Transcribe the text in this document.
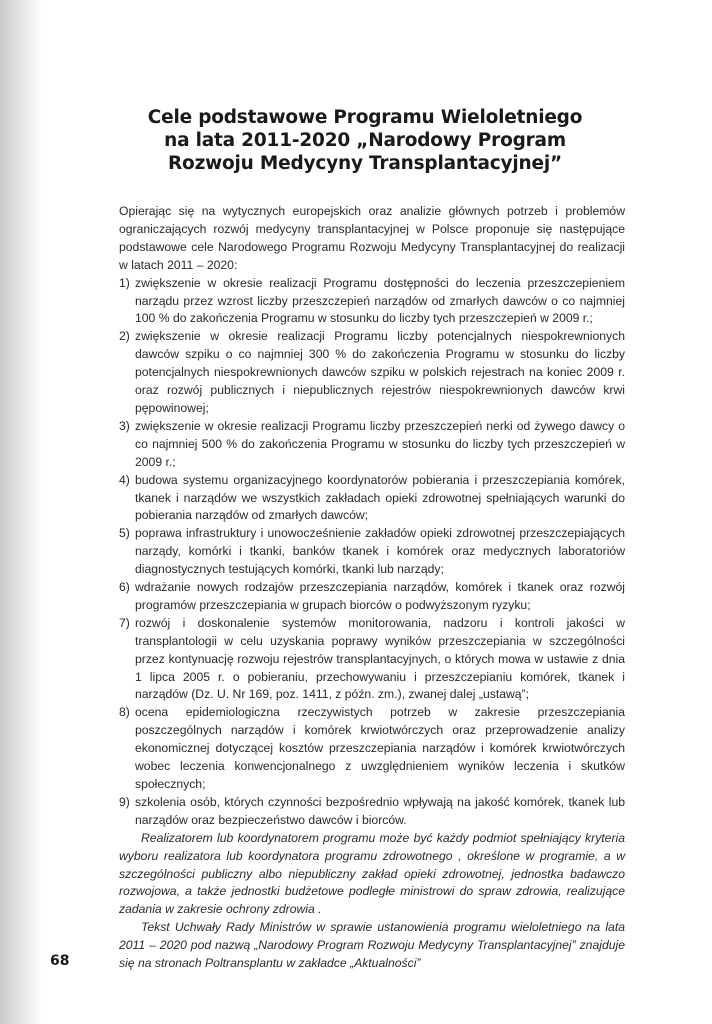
Cele podstawowe Programu Wieloletniego
na lata 2011-2020 „Narodowy Program
Rozwoju Medycyny Transplantacyjnej”

Opierając się na wytycznych europejskich oraz analizie głównych potrzeb i problemów ograniczających rozwój medycyny transplantacyjnej w Polsce proponuje się następujące podstawowe cele Narodowego Programu Rozwoju Medycyny Transplantacyjnej do realizacji w latach 2011 – 2020:

1) zwiększenie w okresie realizacji Programu dostępności do leczenia przeszczepieniem narządu przez wzrost liczby przeszczepień narządów od zmarłych dawców o co najmniej 100 % do zakończenia Programu w stosunku do liczby tych przeszczepień w 2009 r.;
2) zwiększenie w okresie realizacji Programu liczby potencjalnych niespokrewnionych dawców szpiku o co najmniej 300 % do zakończenia Programu w stosunku do liczby potencjalnych niespokrewnionych dawców szpiku w polskich rejestrach na koniec 2009 r. oraz rozwój publicznych i niepublicznych rejestrów niespokrewnionych dawców krwi pępowinowej;
3) zwiększenie w okresie realizacji Programu liczby przeszczepień nerki od żywego dawcy o co najmniej 500 % do zakończenia Programu w stosunku do liczby tych przeszczepień w 2009 r.;
4) budowa systemu organizacyjnego koordynatorów pobierania i przeszczepiania komórek, tkanek i narządów we wszystkich zakładach opieki zdrowotnej spełniających warunki do pobierania narządów od zmarłych dawców;
5) poprawa infrastruktury i unowocześnienie zakładów opieki zdrowotnej przeszczepiających narządy, komórki i tkanki, banków tkanek i komórek oraz medycznych laboratoriów diagnostycznych testujących komórki, tkanki lub narządy;
6) wdrażanie nowych rodzajów przeszczepiania narządów, komórek i tkanek oraz rozwój programów przeszczepiania w grupach biorców o podwyższonym ryzyku;
7) rozwój i doskonalenie systemów monitorowania, nadzoru i kontroli jakości w transplantologii w celu uzyskania poprawy wyników przeszczepiania w szczególności przez kontynuację rozwoju rejestrów transplantacyjnych, o których mowa w ustawie z dnia 1 lipca 2005 r. o pobieraniu, przechowywaniu i przeszczepianiu komórek, tkanek i narządów (Dz. U. Nr 169, poz. 1411, z późn. zm.), zwanej dalej „ustawą”;
8) ocena epidemiologiczna rzeczywistych potrzeb w zakresie przeszczepiania poszczególnych narządów i komórek krwiotwórczych oraz przeprowadzenie analizy ekonomicznej dotyczącej kosztów przeszczepiania narządów i komórek krwiotwórczych wobec leczenia konwencjonalnego z uwzględnieniem wyników leczenia i skutków społecznych;
9) szkolenia osób, których czynności bezpośrednio wpływają na jakość komórek, tkanek lub narządów oraz bezpieczeństwo dawców i biorców.

Realizatorem lub koordynatorem programu może być każdy podmiot spełniający kryteria wyboru realizatora lub koordynatora programu zdrowotnego , określone w programie, a w szczególności publiczny albo niepubliczny zakład opieki zdrowotnej, jednostka badawczo rozwojowa, a także jednostki budżetowe podległe ministrowi do spraw zdrowia, realizujące zadania w zakresie ochrony zdrowia .

Tekst Uchwały Rady Ministrów w sprawie ustanowienia programu wieloletniego na lata 2011 – 2020 pod nazwą „Narodowy Program Rozwoju Medycyny Transplantacyjnej” znajduje się na stronach Poltransplantu w zakładce „Aktualności”

68
